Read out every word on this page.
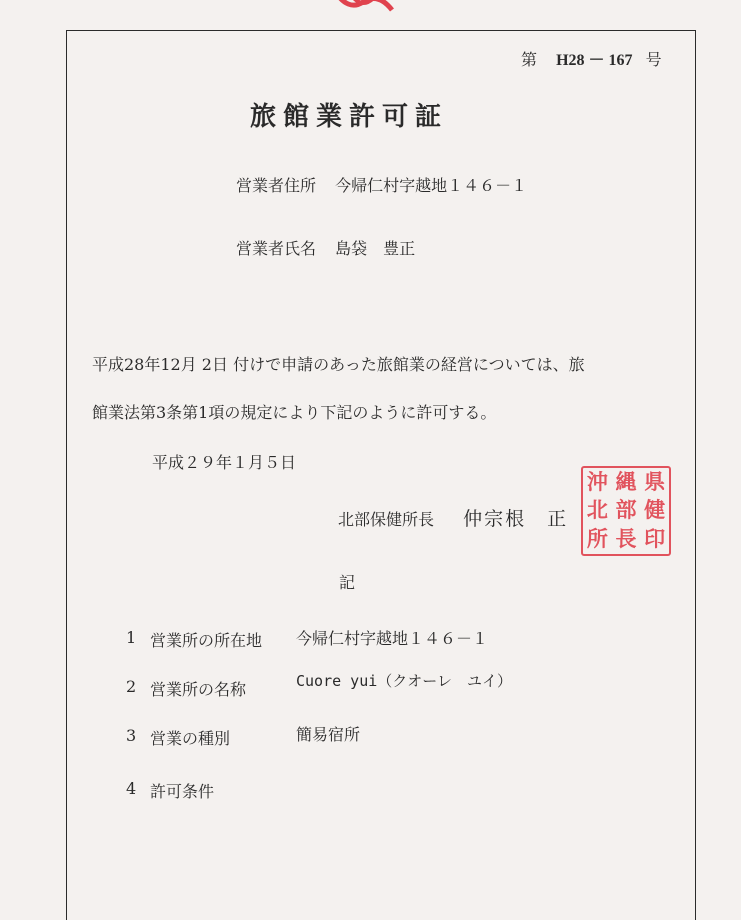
第 H28 － 167 号
旅館業許可証
営業者住所 今帰仁村字越地１４６－１
営業者氏名 島袋　豊正
平成28年12月 2日 付けで申請のあった旅館業の経営については、旅
館業法第3条第1項の規定により下記のように許可する。
平成２９年１月５日
北部保健所長 仲宗根　正
沖 縄 県
北 部 健
所 長 印
記
1 営業所の所在地 今帰仁村字越地１４６－１
2 営業所の名称	Cuore yui（クオーレ　ユイ）
3 営業の種別	簡易宿所
4 許可条件
